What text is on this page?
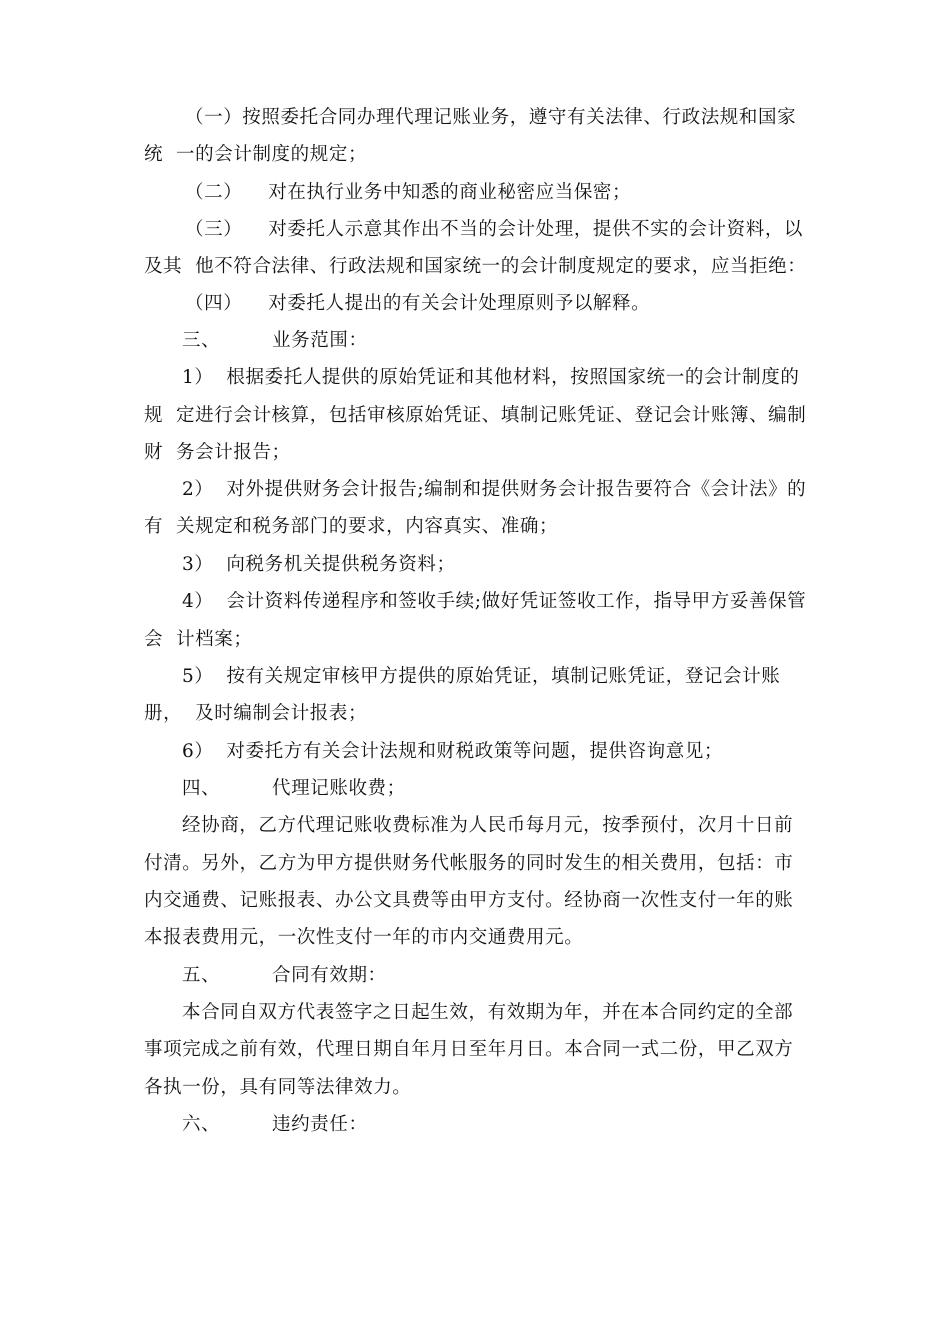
（一）按照委托合同办理代理记账业务，遵守有关法律、行政法规和国家

统  一的会计制度的规定；

（二）    对在执行业务中知悉的商业秘密应当保密；

（三）    对委托人示意其作出不当的会计处理，提供不实的会计资料，以

及其  他不符合法律、行政法规和国家统一的会计制度规定的要求，应当拒绝：

（四）    对委托人提出的有关会计处理原则予以解释。

三、        业务范围：

1）  根据委托人提供的原始凭证和其他材料，按照国家统一的会计制度的

规  定进行会计核算，包括审核原始凭证、填制记账凭证、登记会计账簿、编制

财  务会计报告；

2）  对外提供财务会计报告;编制和提供财务会计报告要符合《会计法》的

有  关规定和税务部门的要求，内容真实、准确；

3）  向税务机关提供税务资料；

4）  会计资料传递程序和签收手续;做好凭证签收工作，指导甲方妥善保管

会  计档案；

5）  按有关规定审核甲方提供的原始凭证，填制记账凭证，登记会计账

册，  及时编制会计报表；

6）  对委托方有关会计法规和财税政策等问题，提供咨询意见；

四、        代理记账收费；

经协商，乙方代理记账收费标准为人民币每月元，按季预付，次月十日前

付清。另外，乙方为甲方提供财务代帐服务的同时发生的相关费用，包括：市

内交通费、记账报表、办公文具费等由甲方支付。经协商一次性支付一年的账

本报表费用元，一次性支付一年的市内交通费用元。

五、        合同有效期：

本合同自双方代表签字之日起生效，有效期为年，并在本合同约定的全部

事项完成之前有效，代理日期自年月日至年月日。本合同一式二份，甲乙双方

各执一份，具有同等法律效力。

六、        违约责任：
